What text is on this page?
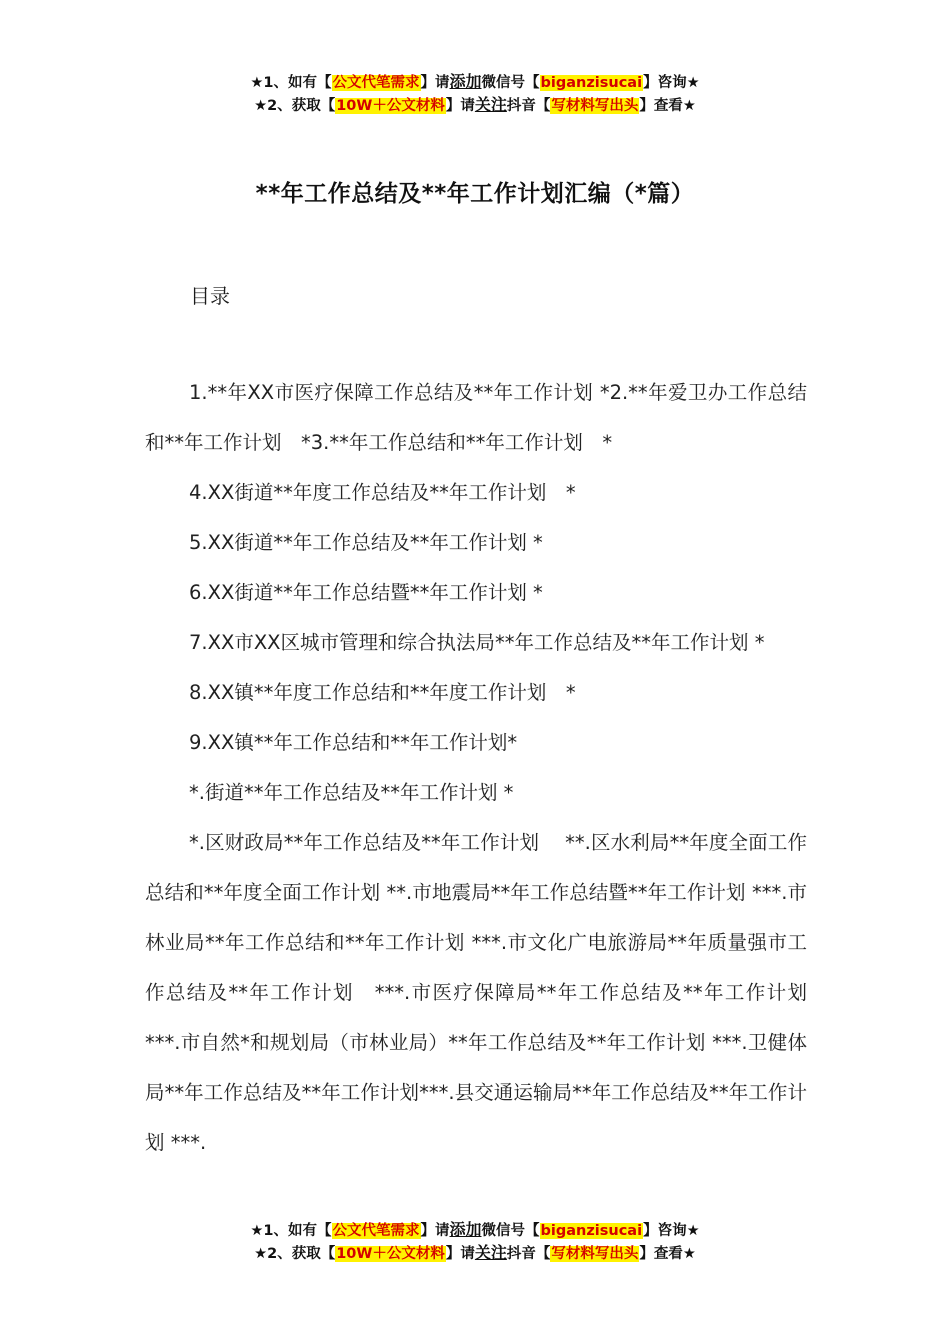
★1、如有【公文代笔需求】请添加微信号【biganzisucai】咨询★
★2、获取【10W＋公文材料】请关注抖音【写材料写出头】查看★
**年工作总结及**年工作计划汇编（*篇）
目录

1.**年XX市医疗保障工作总结及**年工作计划 *2.**年爱卫办工作总结和**年工作计划　*3.**年工作总结和**年工作计划　*

4.XX街道**年度工作总结及**年工作计划　*

5.XX街道**年工作总结及**年工作计划 *

6.XX街道**年工作总结暨**年工作计划 *

7.XX市XX区城市管理和综合执法局**年工作总结及**年工作计划 *

8.XX镇**年度工作总结和**年度工作计划　*

9.XX镇**年工作总结和**年工作计划*

*.街道**年工作总结及**年工作计划 *

*.区财政局**年工作总结及**年工作计划　 **.区水利局**年度全面工作总结和**年度全面工作计划 **.市地震局**年工作总结暨**年工作计划 ***.市林业局**年工作总结和**年工作计划 ***.市文化广电旅游局**年质量强市工作总结及**年工作计划　***.市医疗保障局**年工作总结及**年工作计划 ***.市自然*和规划局（市林业局）**年工作总结及**年工作计划 ***.卫健体局**年工作总结及**年工作计划***.县交通运输局**年工作总结及**年工作计划 ***.

★1、如有【公文代笔需求】请添加微信号【biganzisucai】咨询★
★2、获取【10W＋公文材料】请关注抖音【写材料写出头】查看★
